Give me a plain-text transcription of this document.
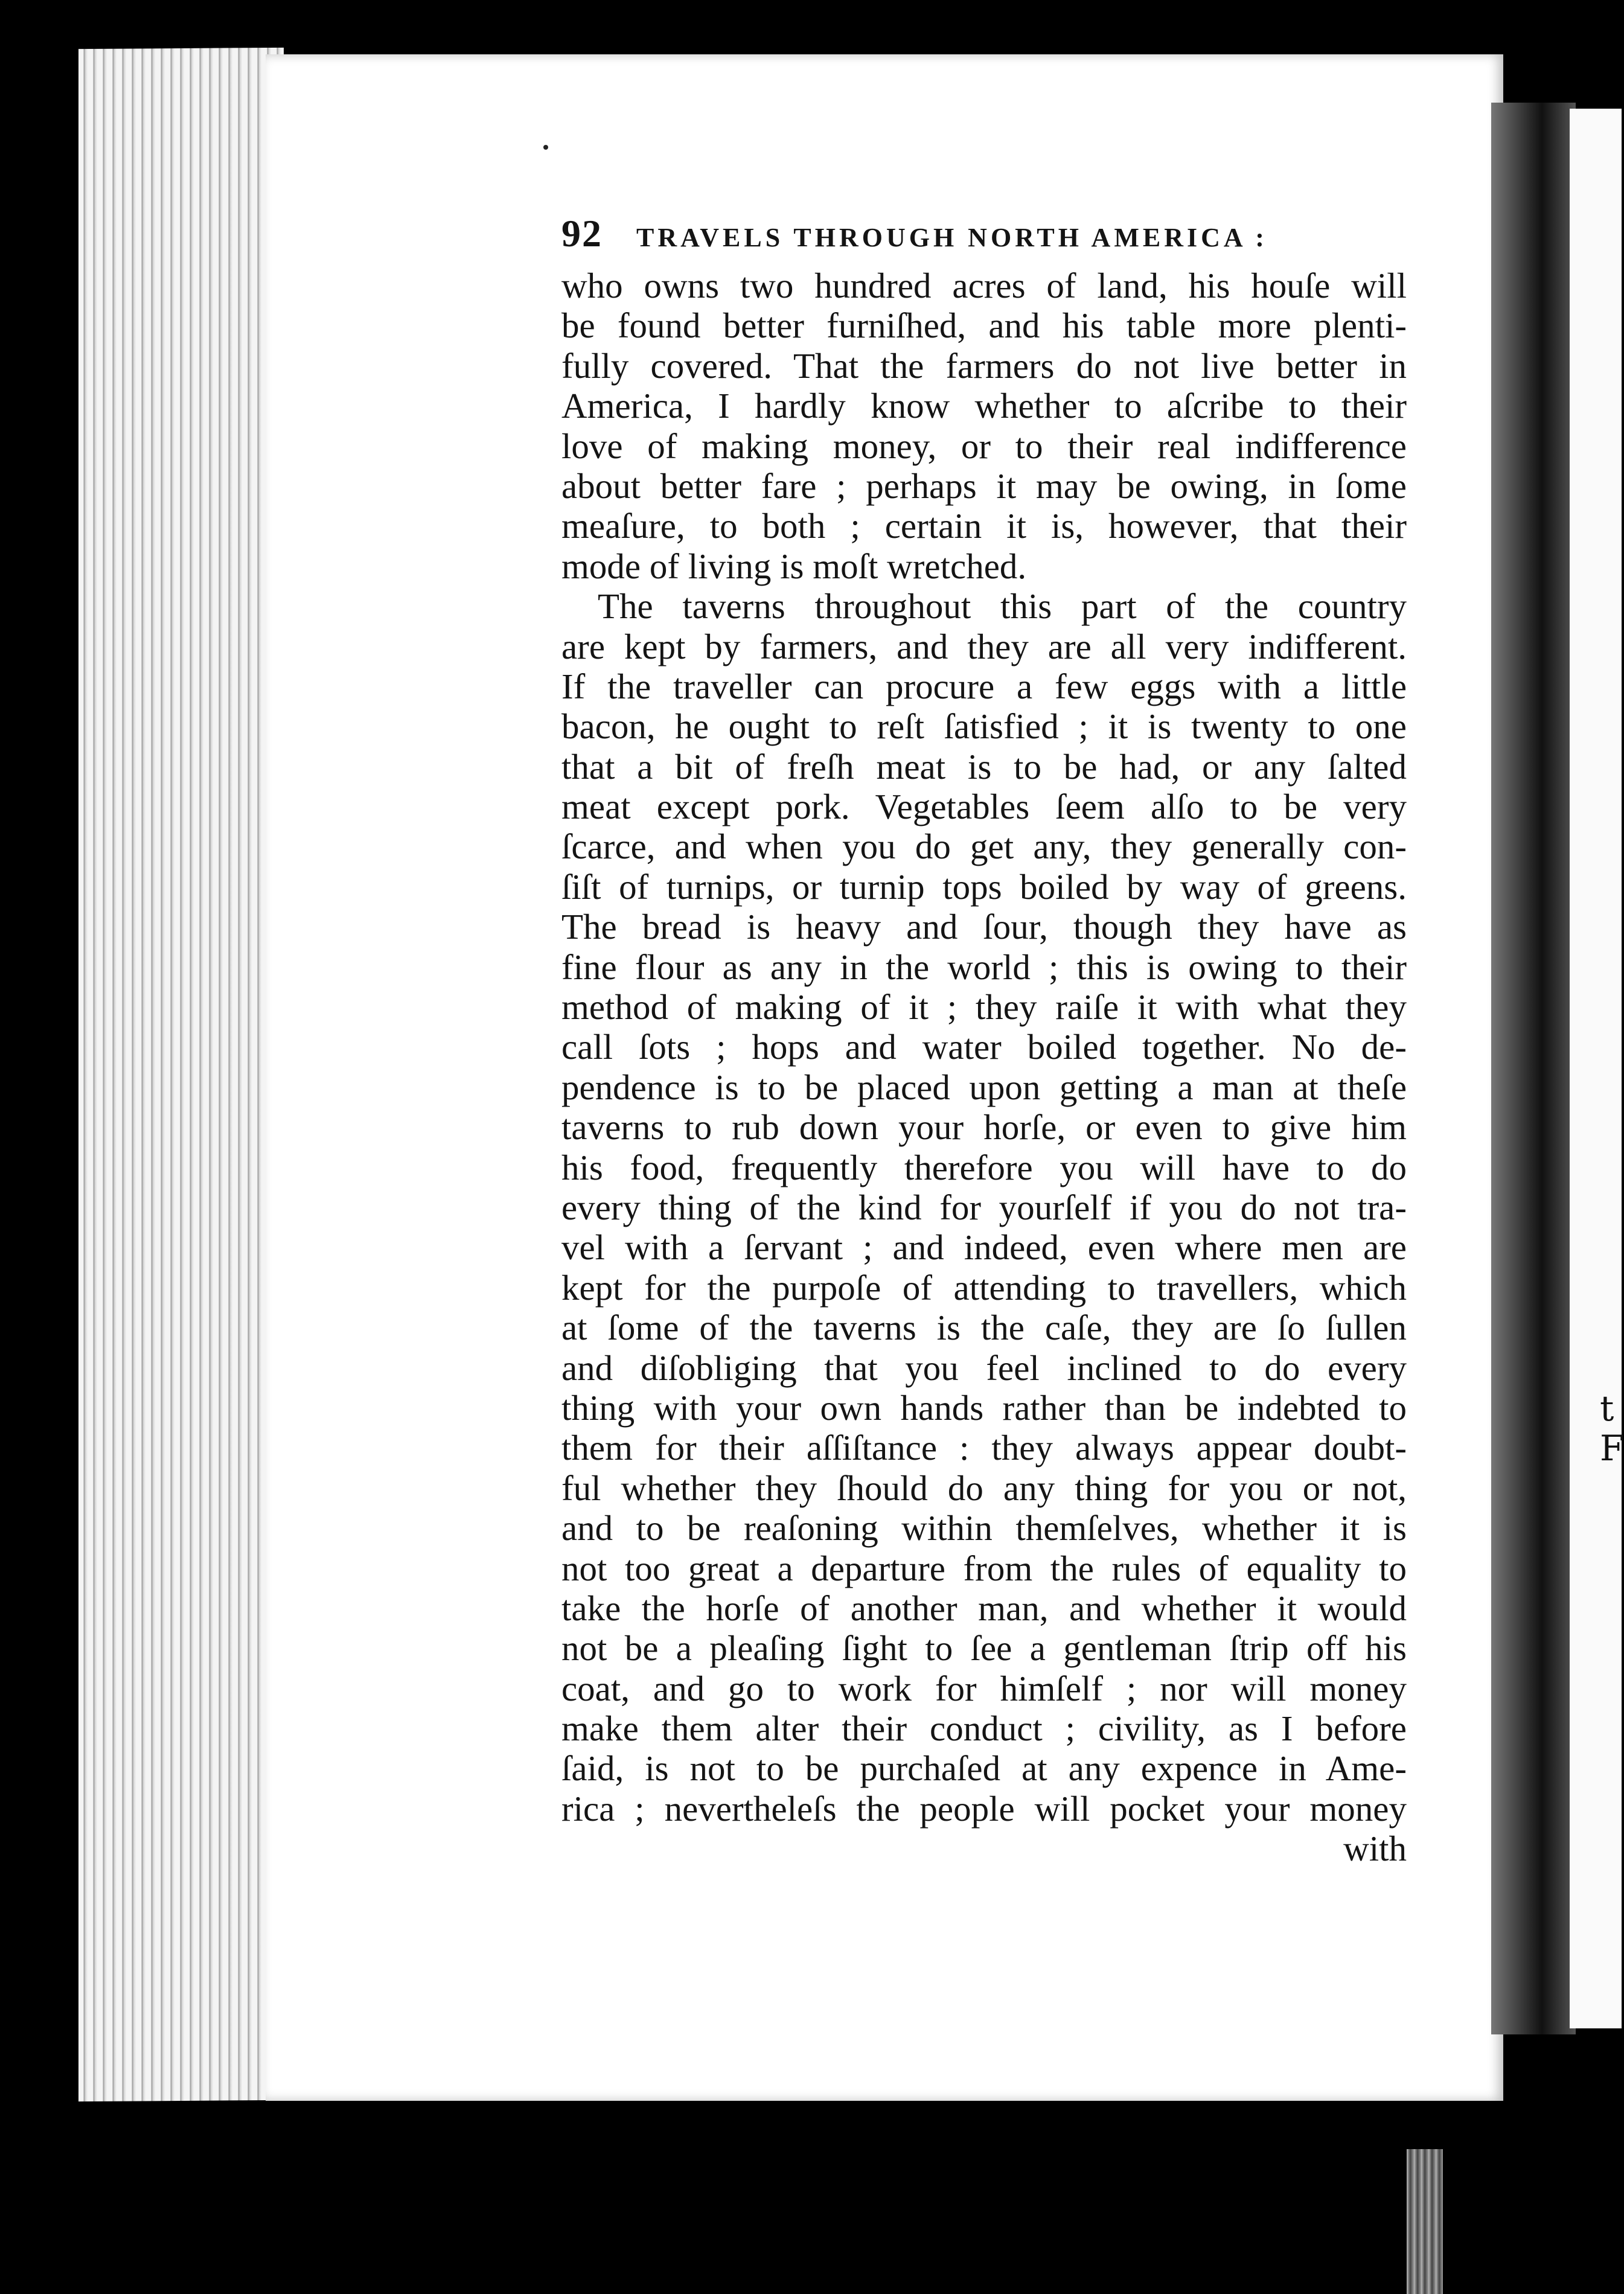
t
F
92 TRAVELS THROUGH NORTH AMERICA :
who owns two hundred acres of land, his houſe will
be found better furniſhed, and his table more plenti-
fully covered. That the farmers do not live better in
America, I hardly know whether to aſcribe to their
love of making money, or to their real indifference
about better fare ; perhaps it may be owing, in ſome
meaſure, to both ; certain it is, however, that their
mode of living is moſt wretched.
The taverns throughout this part of the country
are kept by farmers, and they are all very indifferent.
If the traveller can procure a few eggs with a little
bacon, he ought to reſt ſatisfied ; it is twenty to one
that a bit of freſh meat is to be had, or any ſalted
meat except pork. Vegetables ſeem alſo to be very
ſcarce, and when you do get any, they generally con-
ſiſt of turnips, or turnip tops boiled by way of greens.
The bread is heavy and ſour, though they have as
fine flour as any in the world ; this is owing to their
method of making of it ; they raiſe it with what they
call ſots ; hops and water boiled together. No de-
pendence is to be placed upon getting a man at theſe
taverns to rub down your horſe, or even to give him
his food, frequently therefore you will have to do
every thing of the kind for yourſelf if you do not tra-
vel with a ſervant ; and indeed, even where men are
kept for the purpoſe of attending to travellers, which
at ſome of the taverns is the caſe, they are ſo ſullen
and diſobliging that you feel inclined to do every
thing with your own hands rather than be indebted to
them for their aſſiſtance : they always appear doubt-
ful whether they ſhould do any thing for you or not,
and to be reaſoning within themſelves, whether it is
not too great a departure from the rules of equality to
take the horſe of another man, and whether it would
not be a pleaſing ſight to ſee a gentleman ſtrip off his
coat, and go to work for himſelf ; nor will money
make them alter their conduct ; civility, as I before
ſaid, is not to be purchaſed at any expence in Ame-
rica ; nevertheleſs the people will pocket your money
with
